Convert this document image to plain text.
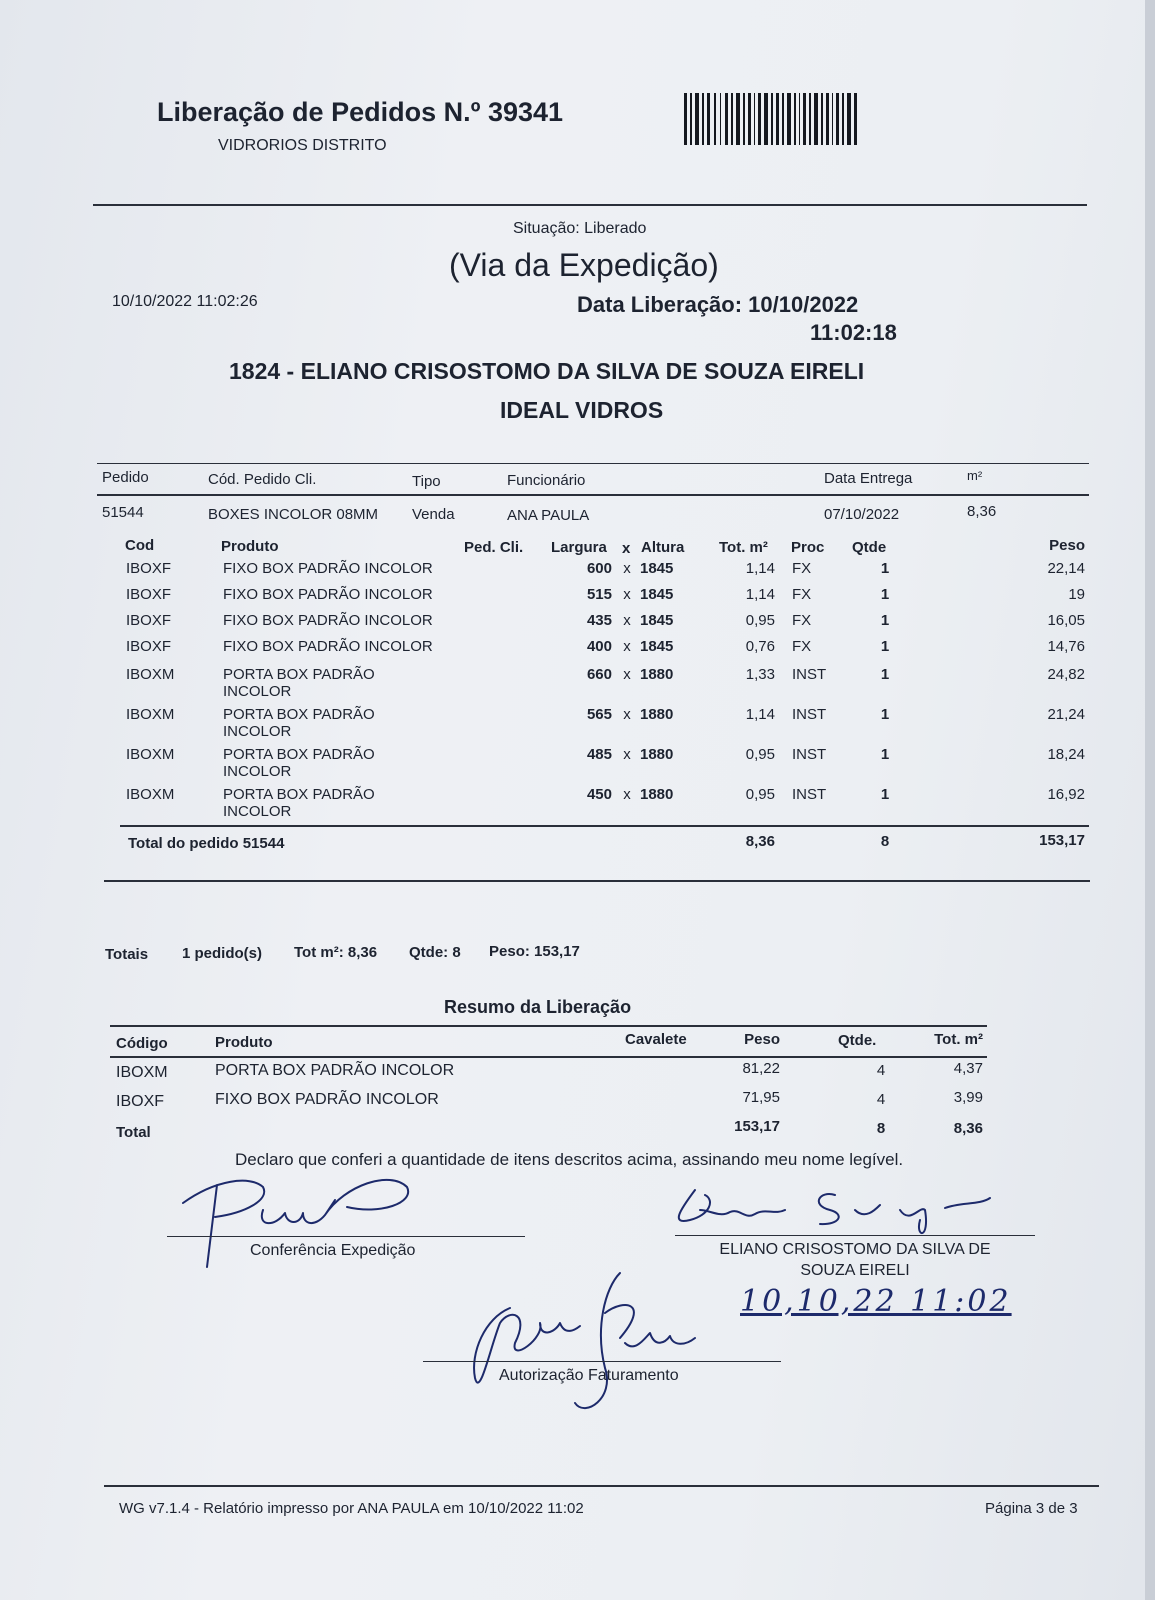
Liberação de Pedidos N.º 39341
VIDRORIOS DISTRITO
Situação: Liberado
(Via da Expedição)
10/10/2022 11:02:26	Data Liberação: 10/10/2022
11:02:18
1824 - ELIANO CRISOSTOMO DA SILVA DE SOUZA EIRELI
IDEAL VIDROS
Pedido	Cód. Pedido Cli.	Tipo	Funcionário	Data Entrega	m²
51544	BOXES INCOLOR 08MM Venda	ANA PAULA	07/10/2022	8,36
Cod	Produto	Ped. Cli. Largura x Altura Tot. m² Proc Qtde	Peso
IBOXF	FIXO BOX PADRÃO INCOLOR	600 x 1845	1,14 FX	1	22,14
IBOXF	FIXO BOX PADRÃO INCOLOR	515 x 1845	1,14 FX	1	19
IBOXF	FIXO BOX PADRÃO INCOLOR	435 x 1845	0,95 FX	1	16,05
IBOXF	FIXO BOX PADRÃO INCOLOR	400 x 1845	0,76 FX	1	14,76
IBOXM	PORTA BOX PADRÃO	660 x 1880	1,33 INST	1	24,82
INCOLOR
IBOXM	PORTA BOX PADRÃO	565 x 1880	1,14 INST	1	21,24
INCOLOR
IBOXM	PORTA BOX PADRÃO	485 x 1880	0,95 INST	1	18,24
INCOLOR
IBOXM	PORTA BOX PADRÃO	450 x 1880	0,95 INST	1	16,92
INCOLOR
Total do pedido 51544	8,36	8	153,17
Totais 1 pedido(s) Tot m²: 8,36 Qtde: 8 Peso: 153,17
Resumo da Liberação
Código	Produto	Cavalete	Peso	Qtde.	Tot. m²
IBOXM	PORTA BOX PADRÃO INCOLOR	81,22	4	4,37
IBOXF	FIXO BOX PADRÃO INCOLOR	71,95	4	3,99
Total	153,17	8	8,36
Declaro que conferi a quantidade de itens descritos acima, assinando meu nome legível.
Conferência Expedição	ELIANO CRISOSTOMO DA SILVA DE
SOUZA EIRELI
10,10,22 11:02
Autorização Faturamento
WG v7.1.4 - Relatório impresso por ANA PAULA em 10/10/2022 11:02	Página 3 de 3
